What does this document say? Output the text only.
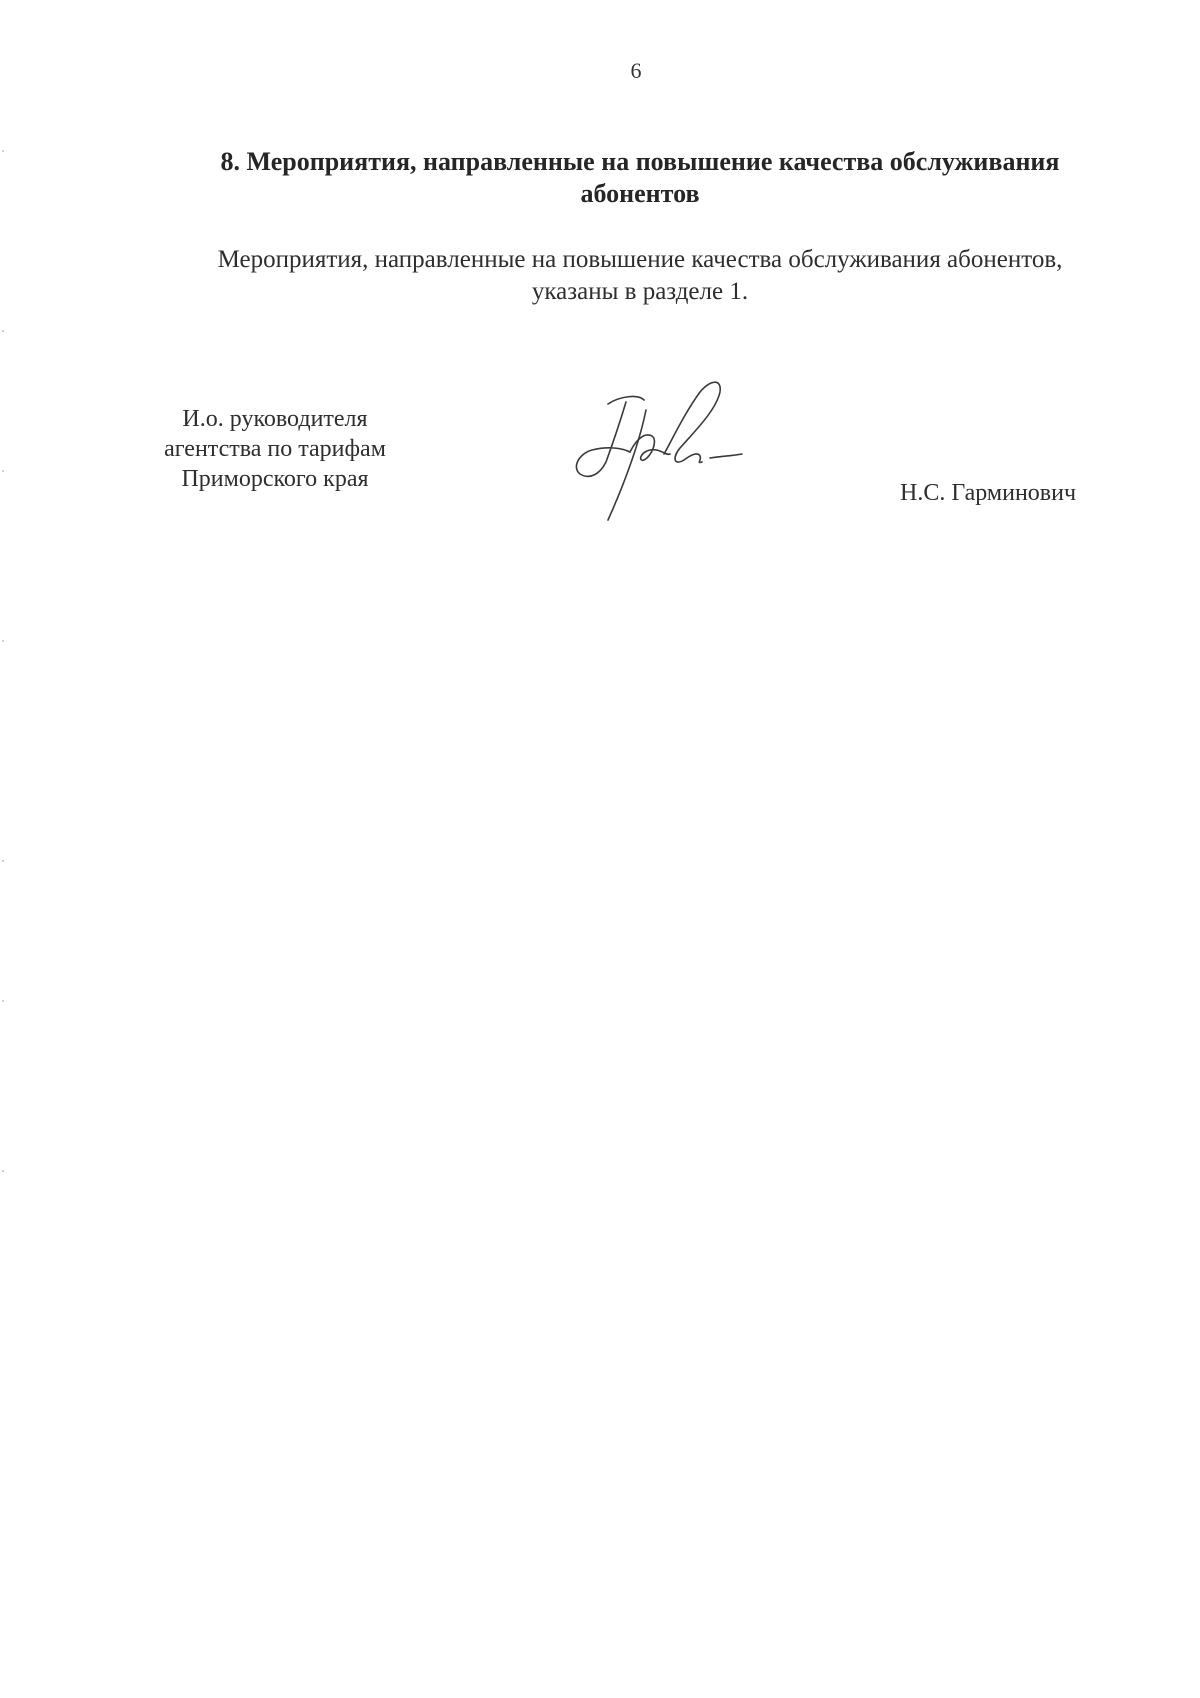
6
8. Мероприятия, направленные на повышение качества обслуживания
абонентов
Мероприятия, направленные на повышение качества обслуживания абонентов,
указаны в разделе 1.
И.о. руководителя
агентства по тарифам
Приморского края
Н.С. Гарминович
